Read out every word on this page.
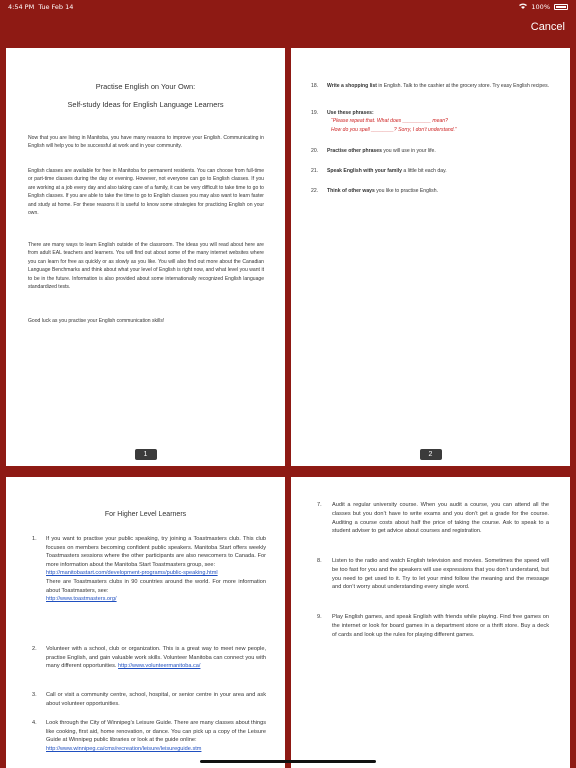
4:54 PM Tue Feb 14	100%
Cancel
Practise English on Your Own:
Self-study Ideas for English Language Learners
Now that you are living in Manitoba, you have many reasons to improve your English. Communicating in English will help you to be successful at work and in your community.
English classes are available for free in Manitoba for permanent residents. You can choose from full-time or part-time classes during the day or evening. However, not everyone can go to English classes. If you are working at a job every day and also taking care of a family, it can be very difficult to take time to go to English classes. If you are able to take the time to go to English classes you may also want to learn faster and study at home. For these reasons it is useful to know some strategies for practicing English on your own.
There are many ways to learn English outside of the classroom. The ideas you will read about here are from adult EAL teachers and learners. You will find out about some of the many internet websites where you can learn for free as quickly or as slowly as you like. You will also find out more about the Canadian Language Benchmarks and think about what your level of English is right now, and what level you want it to be in the future. Information is also provided about some internationally recognized English language standardized tests.
Good luck as you practise your English communication skills!
1
18. Write a shopping list in English. Talk to the cashier at the grocery store. Try easy English recipes.
19. Use these phrases:
“Please repeat that. What does __________ mean?
How do you spell ________? Sorry, I don’t understand.”
20. Practise other phrases you will use in your life.
21. Speak English with your family a little bit each day.
22. Think of other ways you like to practise English.
2
For Higher Level Learners
1. If you want to practise your public speaking, try joining a Toastmasters club. This club focuses on members becoming confident public speakers. Manitoba Start offers weekly Toastmasters sessions where the other participants are also newcomers to Canada. For more information about the Manitoba Start Toastmasters group, see:
http://manitobastart.com/development-programs/public-speaking.html
There are Toastmasters clubs in 90 countries around the world. For more information about Toastmasters, see:
http://www.toastmasters.org/
2. Volunteer with a school, club or organization. This is a great way to meet new people, practise English, and gain valuable work skills. Volunteer Manitoba can connect you with many different opportunities. http://www.volunteermanitoba.ca/
3. Call or visit a community centre, school, hospital, or senior centre in your area and ask about volunteer opportunities.
4. Look through the City of Winnipeg’s Leisure Guide. There are many classes about things like cooking, first aid, home renovation, or dance. You can pick up a copy of the Leisure Guide at Winnipeg public libraries or look at the guide online:
http://www.winnipeg.ca/cms/recreation/leisure/leisureguide.stm
7. Audit a regular university course. When you audit a course, you can attend all the classes but you don’t have to write exams and you don’t get a grade for the course. Auditing a course costs about half the price of taking the course. Ask to speak to a student adviser to get advice about courses and registration.
8. Listen to the radio and watch English television and movies. Sometimes the speed will be too fast for you and the speakers will use expressions that you don’t understand, but you need to get used to it. Try to let your mind follow the meaning and the message and don’t worry about understanding every single word.
9. Play English games, and speak English with friends while playing. Find free games on the internet or look for board games in a department store or a thrift store. Buy a deck of cards and look up the rules for playing different games.
